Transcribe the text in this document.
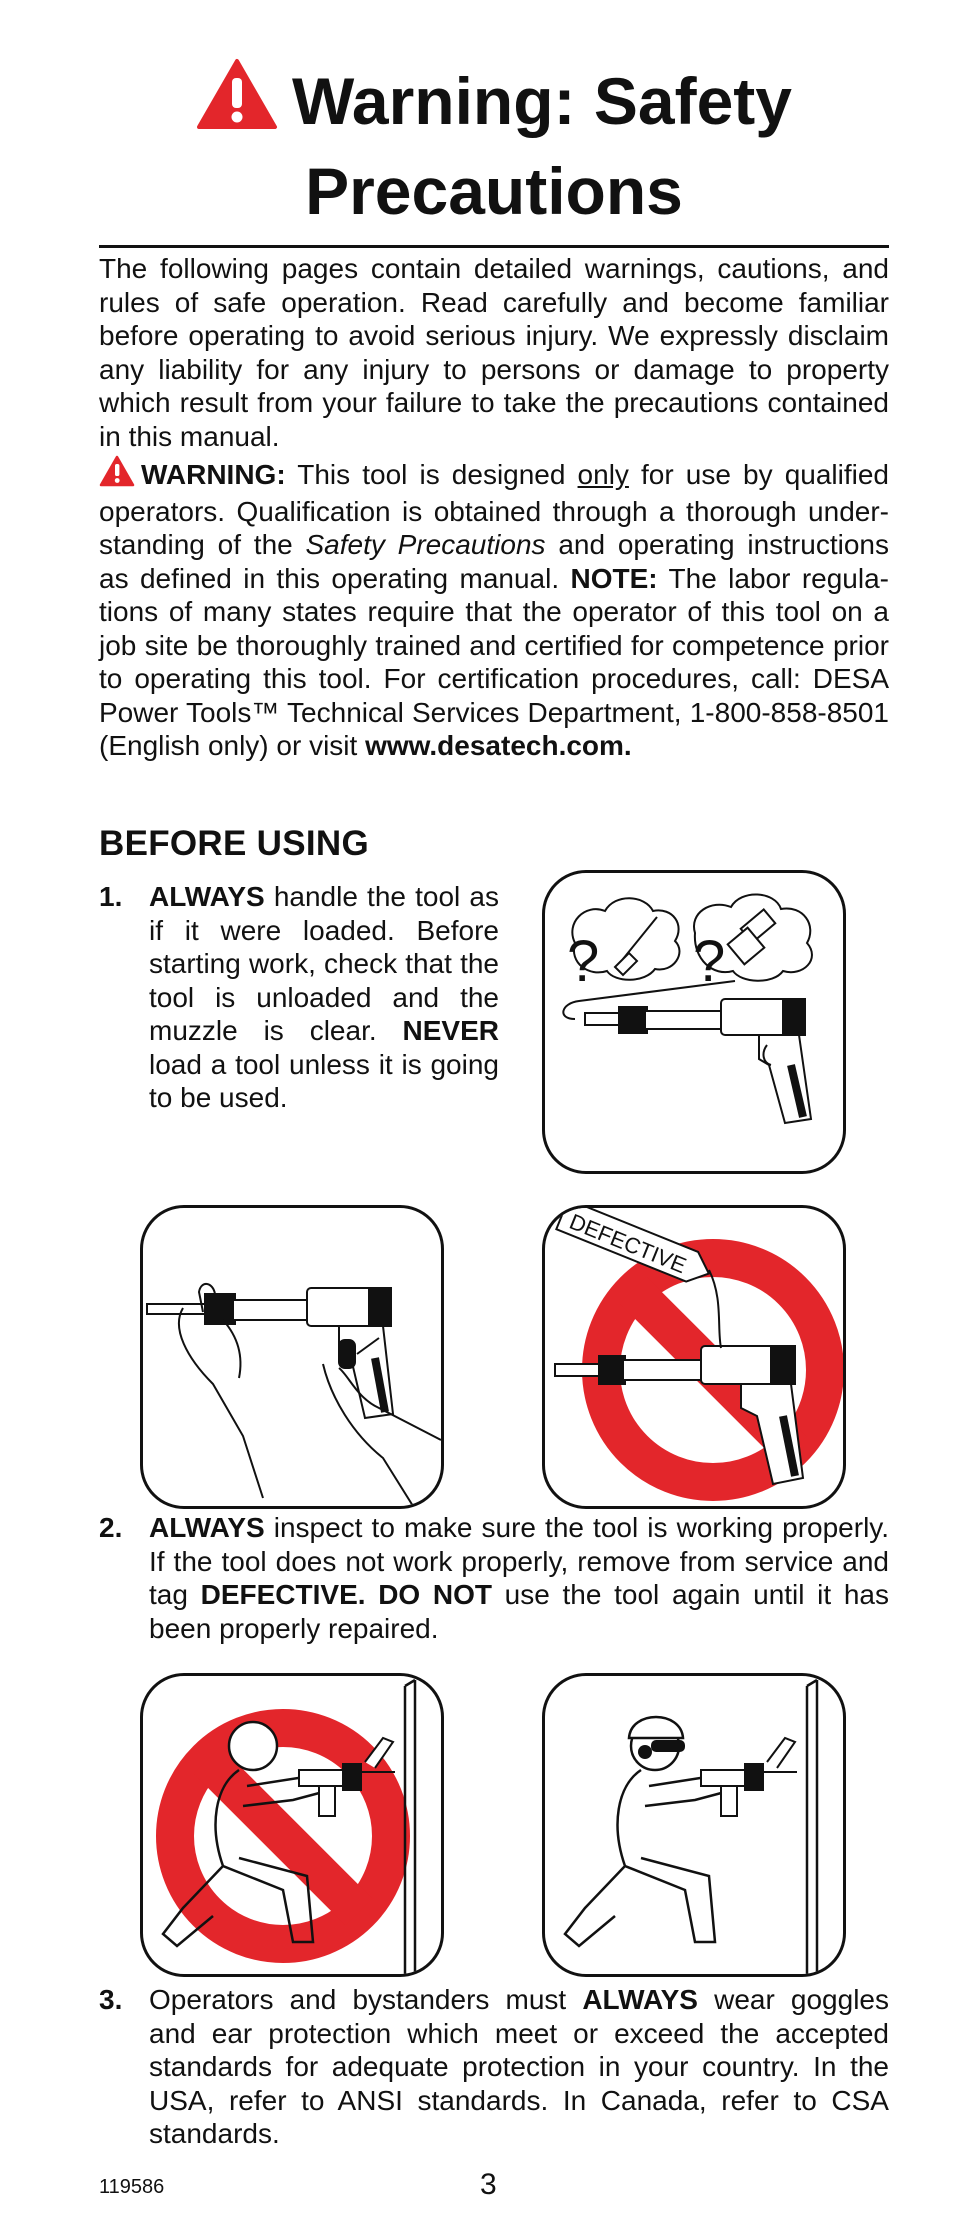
Warning: Safety Precautions
The following pages contain detailed warnings, cautions, and rules of safe operation. Read carefully and become familiar before operating to avoid serious injury. We expressly disclaim any liability for any injury to persons or damage to property which result from your failure to take the precautions contained in this manual.
WARNING: This tool is designed only for use by qualified operators. Qualification is obtained through a thorough understanding of the Safety Precautions and operating instructions as defined in this operating manual. NOTE: The labor regulations of many states require that the operator of this tool on a job site be thoroughly trained and certified for competence prior to operating this tool. For certification procedures, call: DESA Power Tools™ Technical Services Department, 1-800-858-8501 (English only) or visit www.desatech.com.
BEFORE USING
1. ALWAYS handle the tool as if it were loaded. Before starting work, check that the tool is unloaded and the muzzle is clear. NEVER load a tool unless it is going to be used.
? ?
DEFECTIVE
2. ALWAYS inspect to make sure the tool is working properly. If the tool does not work properly, remove from service and tag DEFECTIVE. DO NOT use the tool again until it has been properly repaired.
3. Operators and bystanders must ALWAYS wear goggles and ear protection which meet or exceed the accepted standards for adequate protection in your country. In the USA, refer to ANSI standards. In Canada, refer to CSA standards.
119586	3
